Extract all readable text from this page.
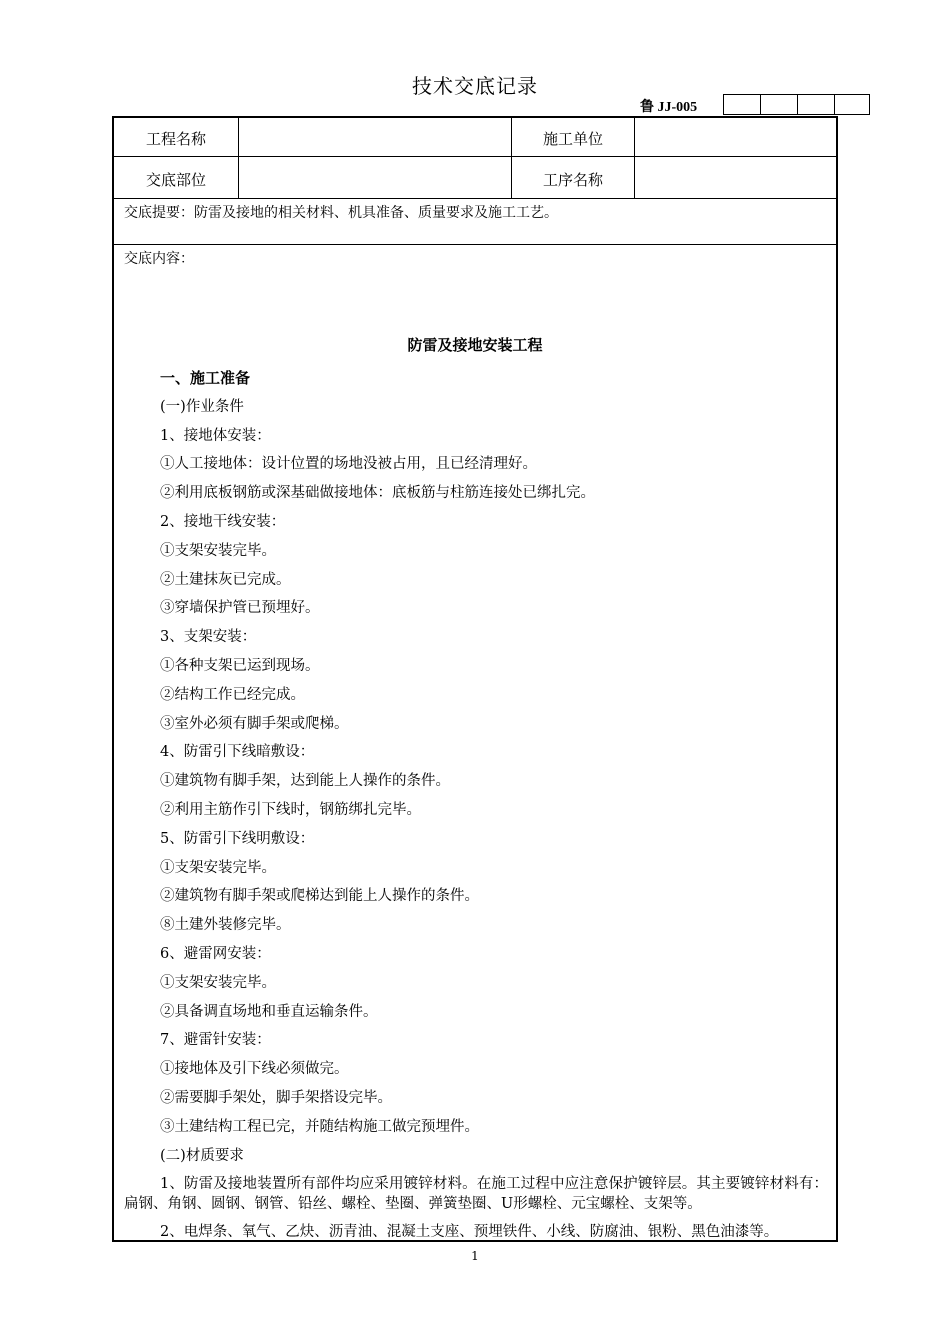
技术交底记录
鲁 JJ-005
工程名称	施工单位
交底部位	工序名称
交底提要：防雷及接地的相关材料、机具准备、质量要求及施工工艺。
交底内容：
防雷及接地安装工程
一、施工准备
(一)作业条件
1、接地体安装：
①人工接地体：设计位置的场地没被占用，且已经清理好。
②利用底板钢筋或深基础做接地体：底板筋与柱筋连接处已绑扎完。
2、接地干线安装：
①支架安装完毕。
②土建抹灰已完成。
③穿墙保护管已预埋好。
3、支架安装：
①各种支架已运到现场。
②结构工作已经完成。
③室外必须有脚手架或爬梯。
4、防雷引下线暗敷设：
①建筑物有脚手架，达到能上人操作的条件。
②利用主筋作引下线时，钢筋绑扎完毕。
5、防雷引下线明敷设：
①支架安装完毕。
②建筑物有脚手架或爬梯达到能上人操作的条件。
⑧土建外装修完毕。
6、避雷网安装：
①支架安装完毕。
②具备调直场地和垂直运输条件。
7、避雷针安装：
①接地体及引下线必须做完。
②需要脚手架处，脚手架搭设完毕。
③土建结构工程已完，并随结构施工做完预埋件。
(二)材质要求
1、防雷及接地装置所有部件均应采用镀锌材料。在施工过程中应注意保护镀锌层。其主要镀锌材料有：扁钢、角钢、圆钢、钢管、铅丝、螺栓、垫圈、弹簧垫圈、U形螺栓、元宝螺栓、支架等。
2、电焊条、氧气、乙炔、沥青油、混凝土支座、预埋铁件、小线、防腐油、银粉、黑色油漆等。
1
